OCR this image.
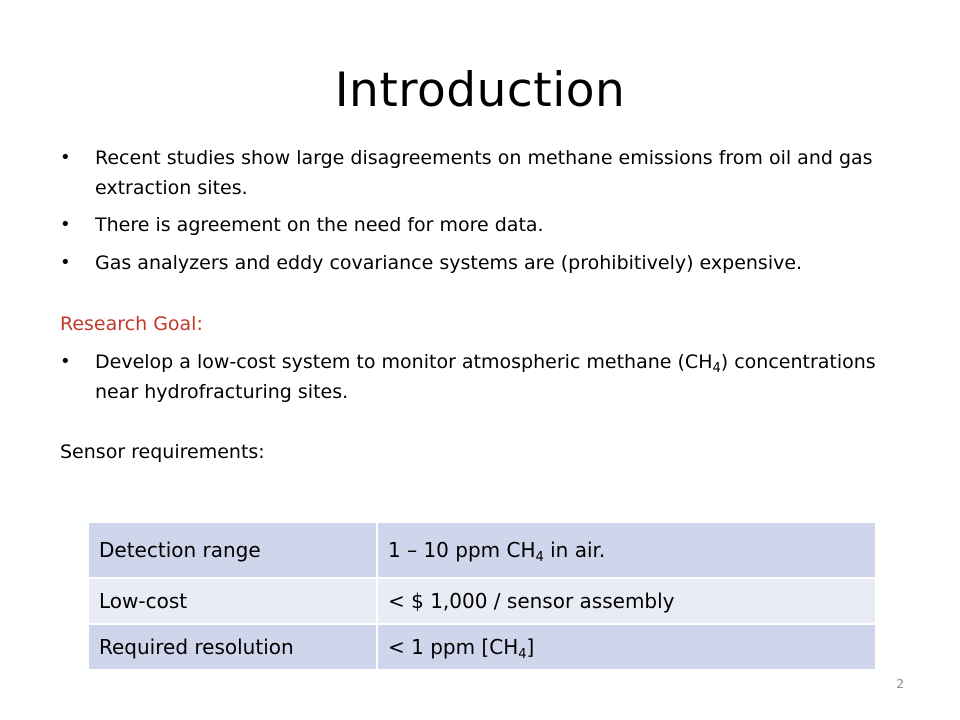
Introduction
• Recent studies show large disagreements on methane emissions from oil and gas extraction sites.
• There is agreement on the need for more data.
• Gas analyzers and eddy covariance systems are (prohibitively) expensive.
Research Goal:
• Develop a low-cost system to monitor atmospheric methane $(CH_4)$ concentrations near hydrofracturing sites.
Sensor requirements:
Detection range	1 – 10 ppm $CH_4$ in air.
Low-cost	< $ 1,000 / sensor assembly
Required resolution	< 1 ppm $[CH_4]$
2
